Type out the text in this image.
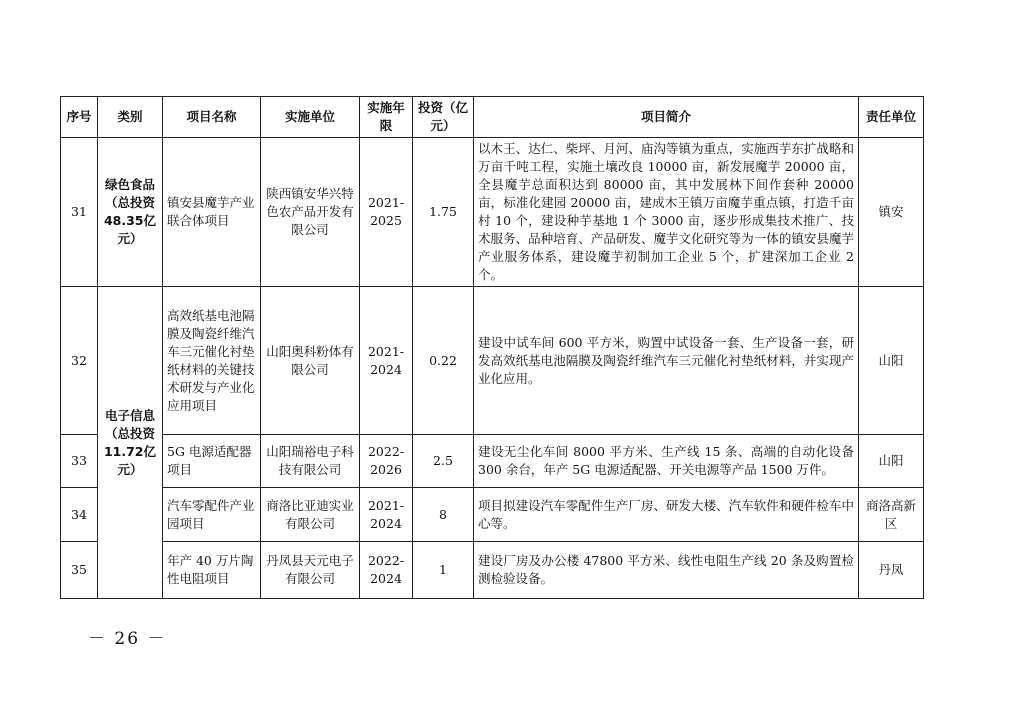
序号	类别	项目名称	实施单位	实施年限	投资（亿元）	项目简介	责任单位
31	绿色食品（总投资48.35亿元）	镇安县魔芋产业联合体项目	陕西镇安华兴特色农产品开发有限公司	2021-2025	1.75	以木王、达仁、柴坪、月河、庙沟等镇为重点，实施西芋东扩战略和万亩千吨工程，实施土壤改良 10000 亩，新发展魔芋 20000 亩，全县魔芋总面积达到 80000 亩，其中发展林下间作套种 20000 亩，标准化建园 20000 亩，建成木王镇万亩魔芋重点镇，打造千亩村 10 个，建设种芋基地 1 个 3000 亩，逐步形成集技术推广、技术服务、品种培育、产品研发、魔芋文化研究等为一体的镇安县魔芋产业服务体系，建设魔芋初制加工企业 5 个，扩建深加工企业 2 个。	镇安
32	电子信息（总投资11.72亿元）	高效纸基电池隔膜及陶瓷纤维汽车三元催化衬垫纸材料的关键技术研发与产业化应用项目	山阳奥科粉体有限公司	2021-2024	0.22	建设中试车间 600 平方米，购置中试设备一套、生产设备一套，研发高效纸基电池隔膜及陶瓷纤维汽车三元催化衬垫纸材料，并实现产业化应用。	山阳
33		5G 电源适配器项目	山阳瑞裕电子科技有限公司	2022-2026	2.5	建设无尘化车间 8000 平方米、生产线 15 条、高端的自动化设备 300 余台，年产 5G 电源适配器、开关电源等产品 1500 万件。	山阳
34		汽车零配件产业园项目	商洛比亚迪实业有限公司	2021-2024	8	项目拟建设汽车零配件生产厂房、研发大楼、汽车软件和硬件检车中心等。	商洛高新区
35		年产 40 万片陶性电阻项目	丹凤县天元电子有限公司	2022-2024	1	建设厂房及办公楼 47800 平方米、线性电阻生产线 20 条及购置检测检验设备。	丹凤
－ 26 －
